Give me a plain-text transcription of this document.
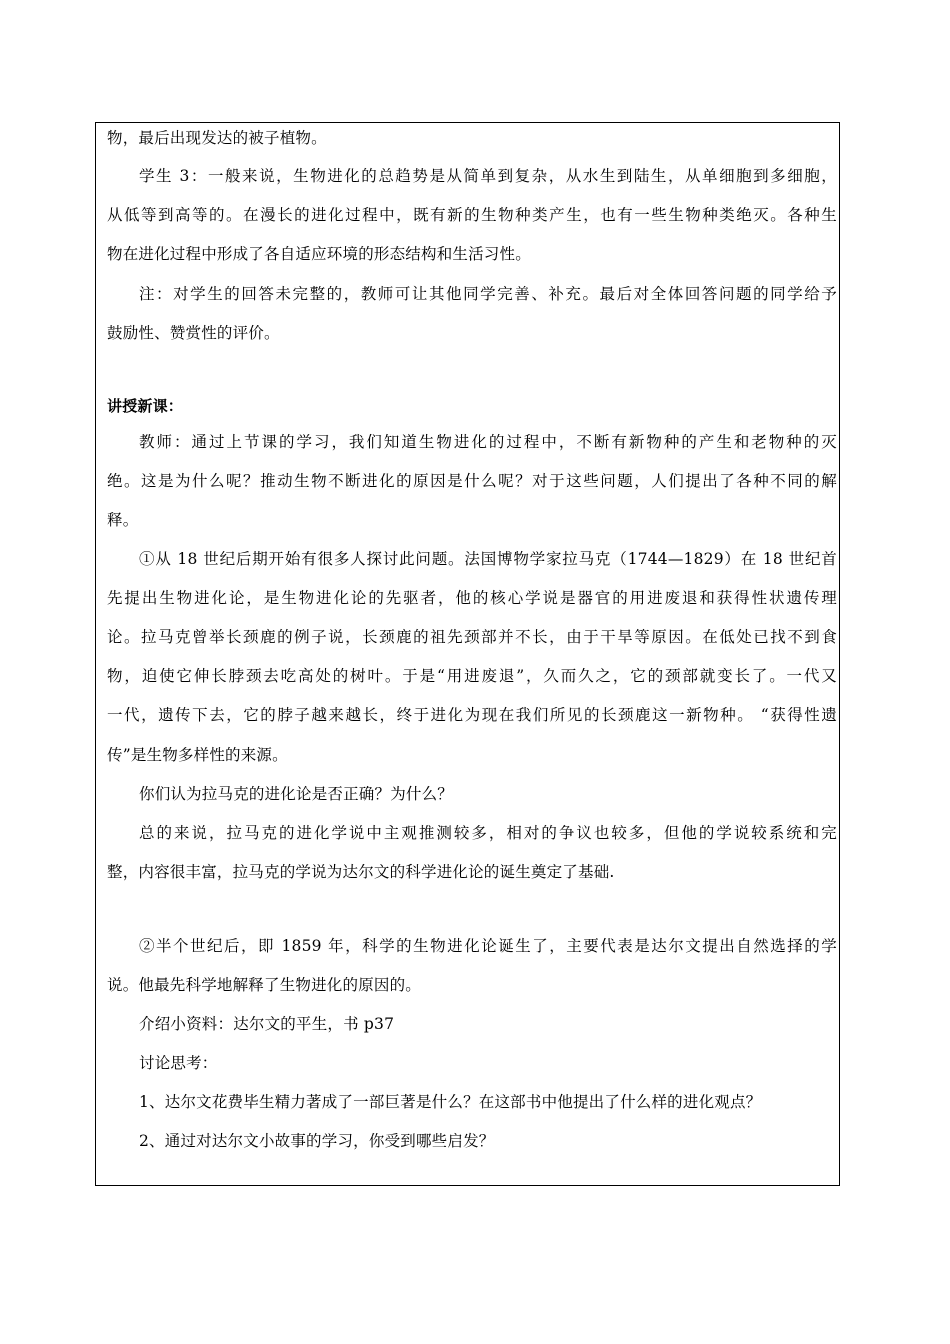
物，最后出现发达的被子植物。
学生 3：一般来说，生物进化的总趋势是从简单到复杂，从水生到陆生，从单细胞到多细胞，
从低等到高等的。在漫长的进化过程中，既有新的生物种类产生，也有一些生物种类绝灭。各种生
物在进化过程中形成了各自适应环境的形态结构和生活习性。
注：对学生的回答未完整的，教师可让其他同学完善、补充。最后对全体回答问题的同学给予
鼓励性、赞赏性的评价。
讲授新课：
教师：通过上节课的学习，我们知道生物进化的过程中，不断有新物种的产生和老物种的灭
绝。这是为什么呢？推动生物不断进化的原因是什么呢？对于这些问题，人们提出了各种不同的解
释。
①从 18 世纪后期开始有很多人探讨此问题。法国博物学家拉马克（1744—1829）在 18 世纪首
先提出生物进化论，是生物进化论的先驱者，他的核心学说是器官的用进废退和获得性状遗传理
论。拉马克曾举长颈鹿的例子说，长颈鹿的祖先颈部并不长，由于干旱等原因。在低处已找不到食
物，迫使它伸长脖颈去吃高处的树叶。于是“用进废退”，久而久之，它的颈部就变长了。一代又
一代，遗传下去，它的脖子越来越长，终于进化为现在我们所见的长颈鹿这一新物种。 “获得性遗
传”是生物多样性的来源。
你们认为拉马克的进化论是否正确？为什么？
总的来说，拉马克的进化学说中主观推测较多，相对的争议也较多，但他的学说较系统和完
整，内容很丰富，拉马克的学说为达尔文的科学进化论的诞生奠定了基础.
②半个世纪后，即 1859 年，科学的生物进化论诞生了，主要代表是达尔文提出自然选择的学
说。他最先科学地解释了生物进化的原因的。
介绍小资料：达尔文的平生，书 p37
讨论思考：
1、达尔文花费毕生精力著成了一部巨著是什么？在这部书中他提出了什么样的进化观点？
2、通过对达尔文小故事的学习，你受到哪些启发？
